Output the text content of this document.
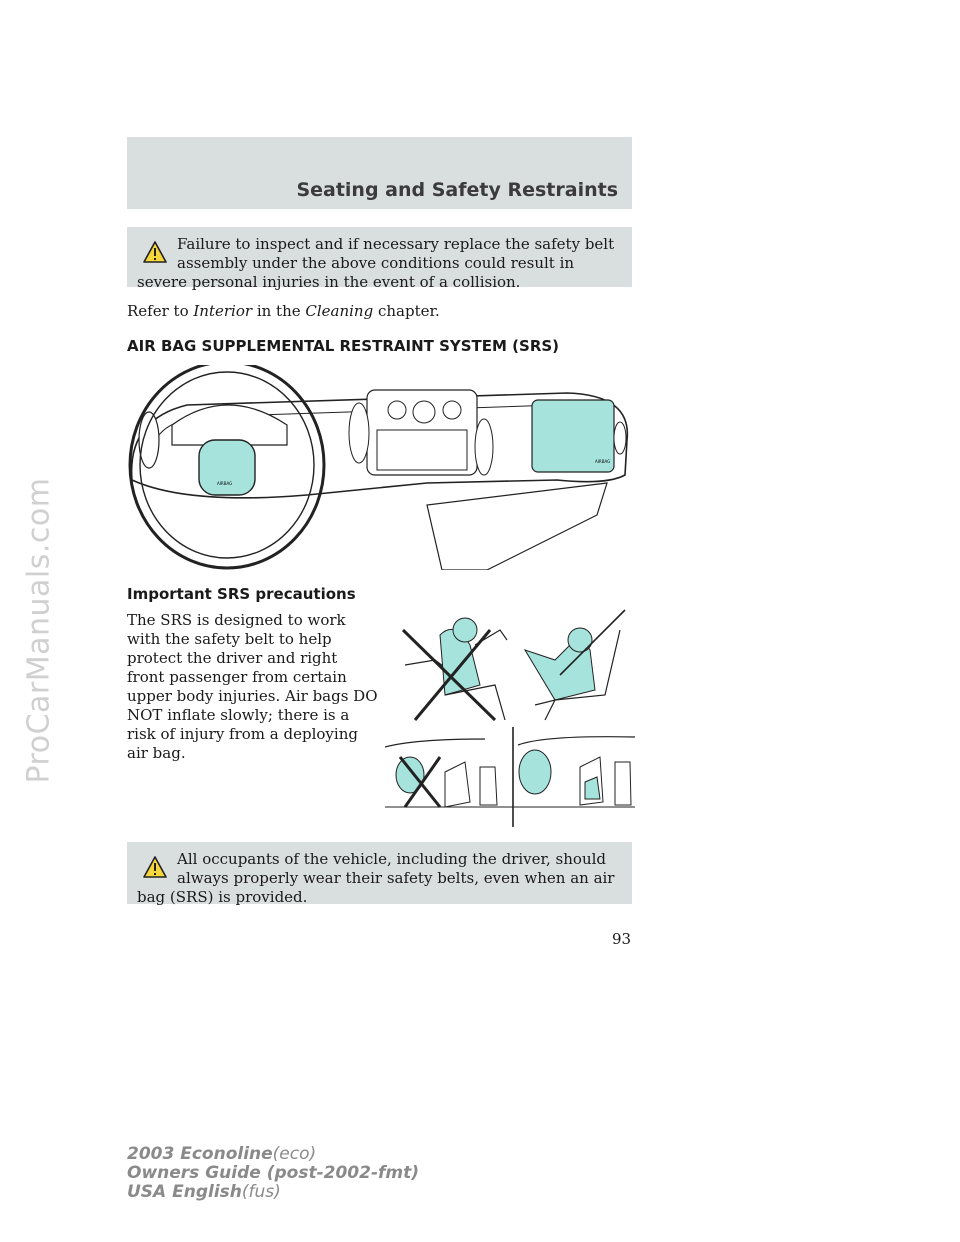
ProCarManuals.com
Seating and Safety Restraints

Failure to inspect and if necessary replace the safety belt assembly under the above conditions could result in severe personal injuries in the event of a collision.

Refer to Interior in the Cleaning chapter.

AIR BAG SUPPLEMENTAL RESTRAINT SYSTEM (SRS)
AIRBAG
AIRBAG
Important SRS precautions

The SRS is designed to work with the safety belt to help protect the driver and right front passenger from certain upper body injuries. Air bags DO NOT inflate slowly; there is a risk of injury from a deploying air bag.

All occupants of the vehicle, including the driver, should always properly wear their safety belts, even when an air bag (SRS) is provided.

93

2003 Econoline(eco)
Owners Guide (post-2002-fmt)
USA English(fus)
